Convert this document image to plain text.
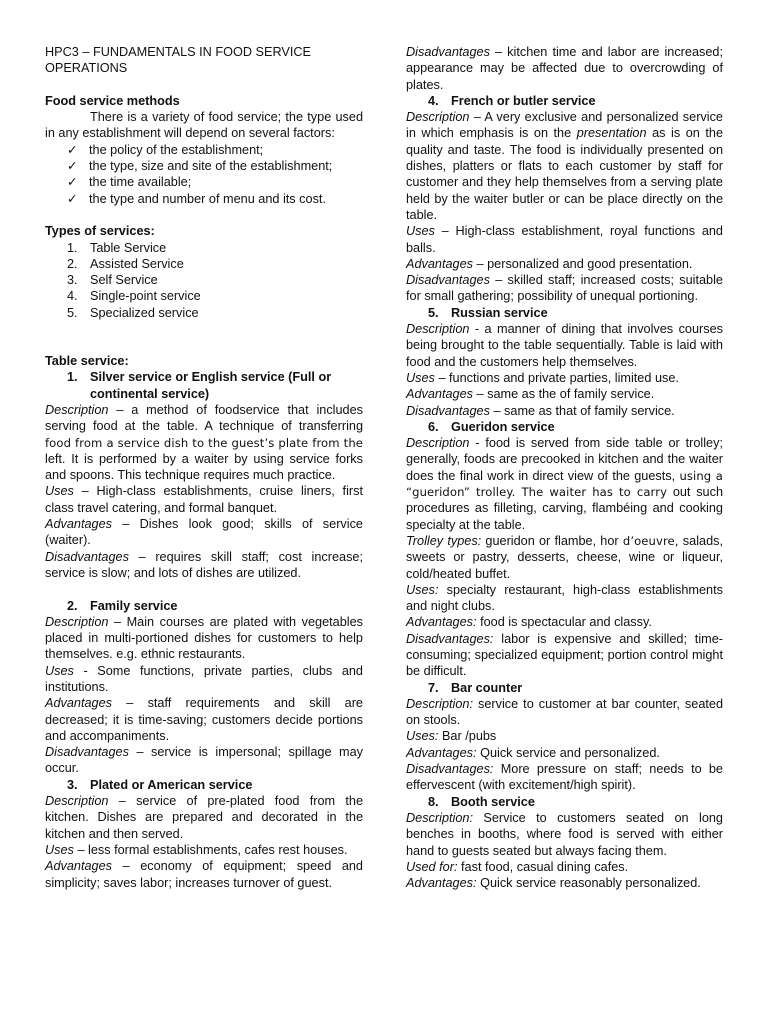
HPC3 – FUNDAMENTALS IN FOOD SERVICE OPERATIONS

Food service methods

There is a variety of food service; the type used in any establishment will depend on several factors:

✓ the policy of the establishment;
✓ the type, size and site of the establishment;
✓ the time available;
✓ the type and number of menu and its cost.

Types of services:

1. Table Service
2. Assisted Service
3. Self Service
4. Single-point service
5. Specialized service

Table service:

1. Silver service or English service (Full or continental service)

Description – a method of foodservice that includes serving food at the table. A technique of transferring food from a service dish to the guest’s plate from the left. It is performed by a waiter by using service forks and spoons. This technique requires much practice.

Uses – High-class establishments, cruise liners, first class travel catering, and formal banquet.

Advantages – Dishes look good; skills of service (waiter).

Disadvantages – requires skill staff; cost increase; service is slow; and lots of dishes are utilized.

2. Family service

Description – Main courses are plated with vegetables placed in multi-portioned dishes for customers to help themselves. e.g. ethnic restaurants.

Uses - Some functions, private parties, clubs and institutions.

Advantages – staff requirements and skill are decreased; it is time-saving; customers decide portions and accompaniments.

Disadvantages – service is impersonal; spillage may occur.

3. Plated or American service

Description – service of pre-plated food from the kitchen. Dishes are prepared and decorated in the kitchen and then served.

Uses – less formal establishments, cafes rest houses.

Advantages – economy of equipment; speed and simplicity; saves labor; increases turnover of guest.

Disadvantages – kitchen time and labor are increased; appearance may be affected due to overcrowding of plates.

4. French or butler service

Description – A very exclusive and personalized service in which emphasis is on the presentation as is on the quality and taste. The food is individually presented on dishes, platters or flats to each customer by staff for customer and they help themselves from a serving plate held by the waiter butler or can be place directly on the table.

Uses – High-class establishment, royal functions and balls.

Advantages – personalized and good presentation.

Disadvantages – skilled staff; increased costs; suitable for small gathering; possibility of unequal portioning.

5. Russian service

Description - a manner of dining that involves courses being brought to the table sequentially. Table is laid with food and the customers help themselves.

Uses – functions and private parties, limited use.

Advantages – same as the of family service.

Disadvantages – same as that of family service.

6. Gueridon service

Description - food is served from side table or trolley; generally, foods are precooked in kitchen and the waiter does the final work in direct view of the guests, using a “gueridon” trolley. The waiter has to carry out such procedures as filleting, carving, flambéing and cooking specialty at the table.

Trolley types: gueridon or flambe, hor d’oeuvre, salads, sweets or pastry, desserts, cheese, wine or liqueur, cold/heated buffet.

Uses: specialty restaurant, high-class establishments and night clubs.

Advantages: food is spectacular and classy.

Disadvantages: labor is expensive and skilled; time-consuming; specialized equipment; portion control might be difficult.

7. Bar counter

Description: service to customer at bar counter, seated on stools.

Uses: Bar /pubs

Advantages: Quick service and personalized.

Disadvantages: More pressure on staff; needs to be effervescent (with excitement/high spirit).

8. Booth service

Description: Service to customers seated on long benches in booths, where food is served with either hand to guests seated but always facing them.

Used for: fast food, casual dining cafes.

Advantages: Quick service reasonably personalized.
